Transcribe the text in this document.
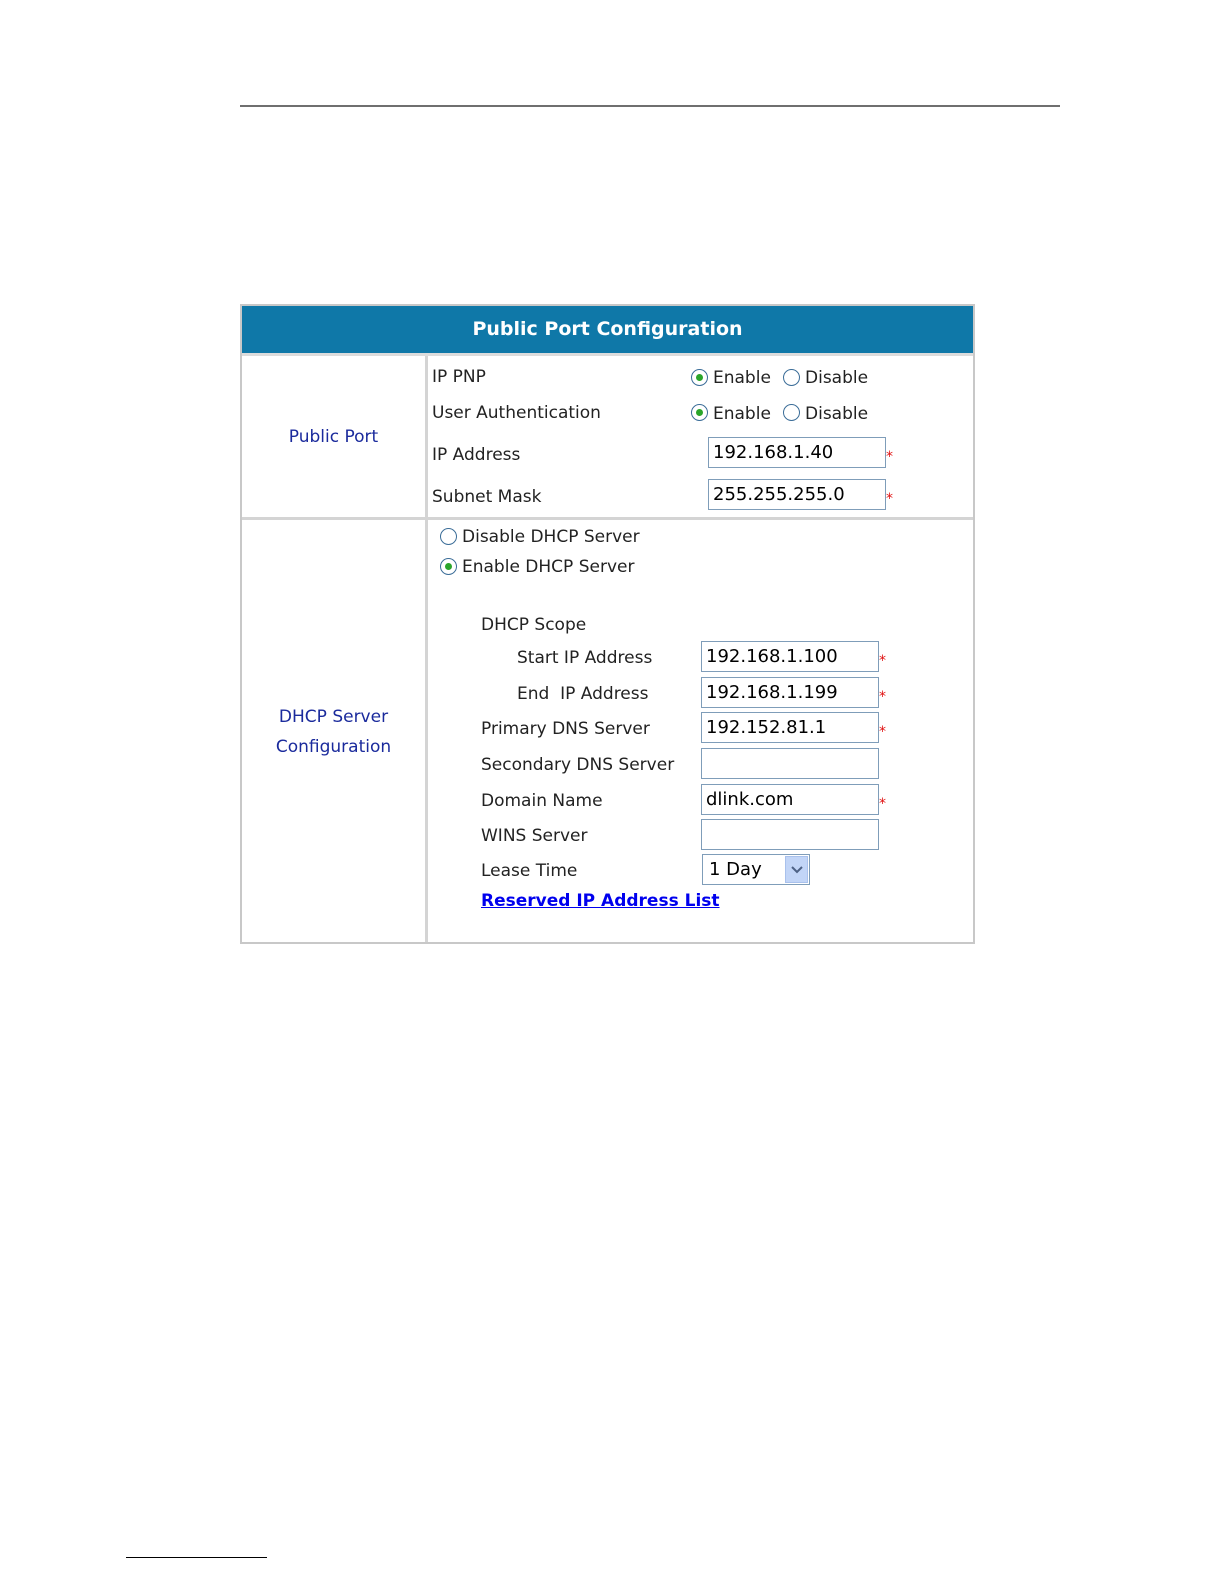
Public Port Configuration
Public Port
IP PNP	Enable Disable
User Authentication	Enable Disable
IP Address	192.168.1.40	*
Subnet Mask	255.255.255.0	*
DHCP Server
Configuration
Disable DHCP Server
Enable DHCP Server
DHCP Scope
Start IP Address	192.168.1.100	*
End  IP Address	192.168.1.199	*
Primary DNS Server	192.152.81.1	*
Secondary DNS Server
Domain Name	dlink.com	*
WINS Server
Lease Time	1 Day
Reserved IP Address List
